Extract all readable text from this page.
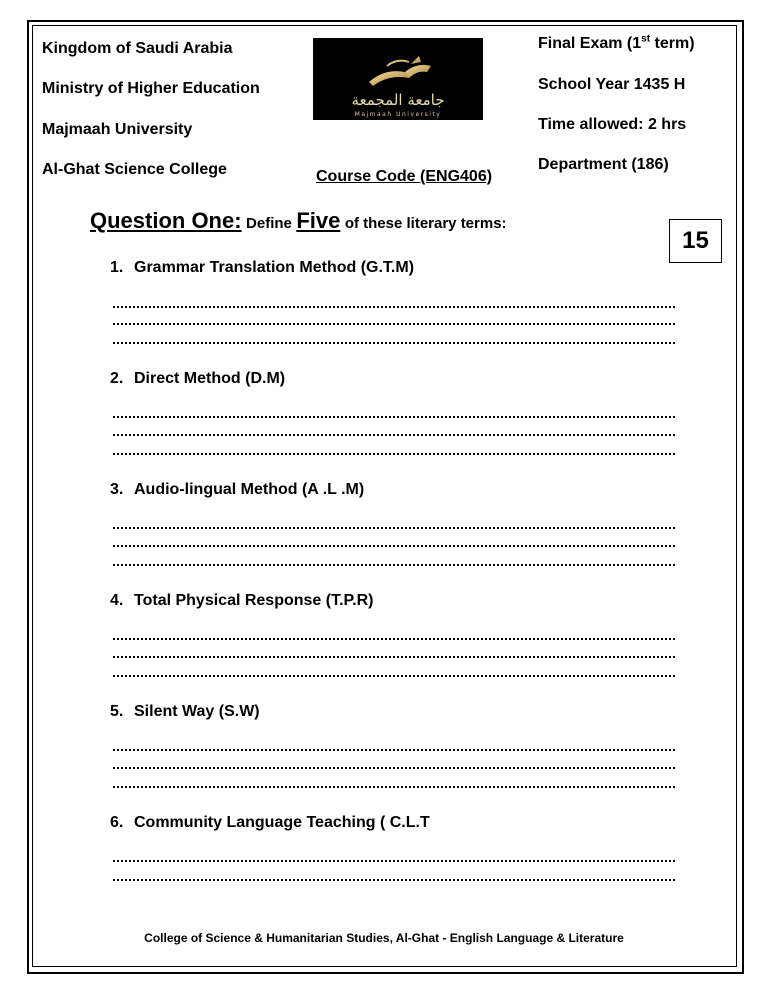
Kingdom of Saudi Arabia
Ministry of Higher Education
Majmaah University
Al-Ghat Science College
Final Exam (1st term)
School Year 1435 H
Time allowed: 2 hrs
Department (186)
جامعة المجمعة
Majmaah University
Course Code (ENG406)
Question One: Define Five of these literary terms:
15
1. Grammar Translation Method (G.T.M)
2. Direct Method (D.M)
3. Audio-lingual Method (A .L .M)
4. Total Physical Response (T.P.R)
5. Silent Way (S.W)
6. Community Language Teaching ( C.L.T
College of Science & Humanitarian Studies, Al-Ghat - English Language & Literature
